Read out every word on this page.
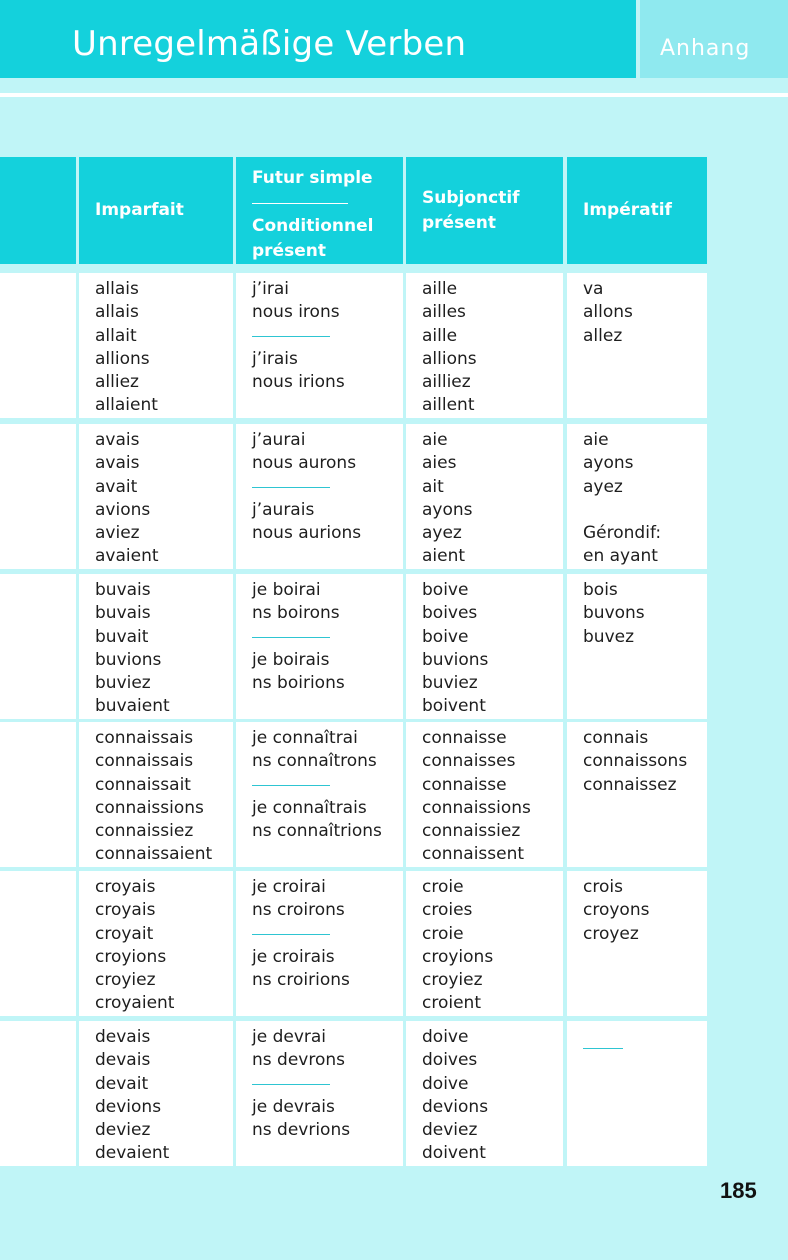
Unregelmäßige Verben	Anhang
Imparfait
Futur simple
Conditionnel
présent
Subjonctif
présent
Impératif
allais
allais
allait
allions
alliez
allaient
j’irai
nous irons
j’irais
nous irions
aille
ailles
aille
allions
ailliez
aillent
va
allons
allez
avais
avais
avait
avions
aviez
avaient
j’aurai
nous aurons
j’aurais
nous aurions
aie
aies
ait
ayons
ayez
aient
aie
ayons
ayez
Gérondif:
en ayant
buvais
buvais
buvait
buvions
buviez
buvaient
je boirai
ns boirons
je boirais
ns boirions
boive
boives
boive
buvions
buviez
boivent
bois
buvons
buvez
connaissais
connaissais
connaissait
connaissions
connaissiez
connaissaient
je connaîtrai
ns connaîtrons
je connaîtrais
ns connaîtrions
connaisse
connaisses
connaisse
connaissions
connaissiez
connaissent
connais
connaissons
connaissez
croyais
croyais
croyait
croyions
croyiez
croyaient
je croirai
ns croirons
je croirais
ns croirions
croie
croies
croie
croyions
croyiez
croient
crois
croyons
croyez
devais
devais
devait
devions
deviez
devaient
je devrai
ns devrons
je devrais
ns devrions
doive
doives
doive
devions
deviez
doivent
185
